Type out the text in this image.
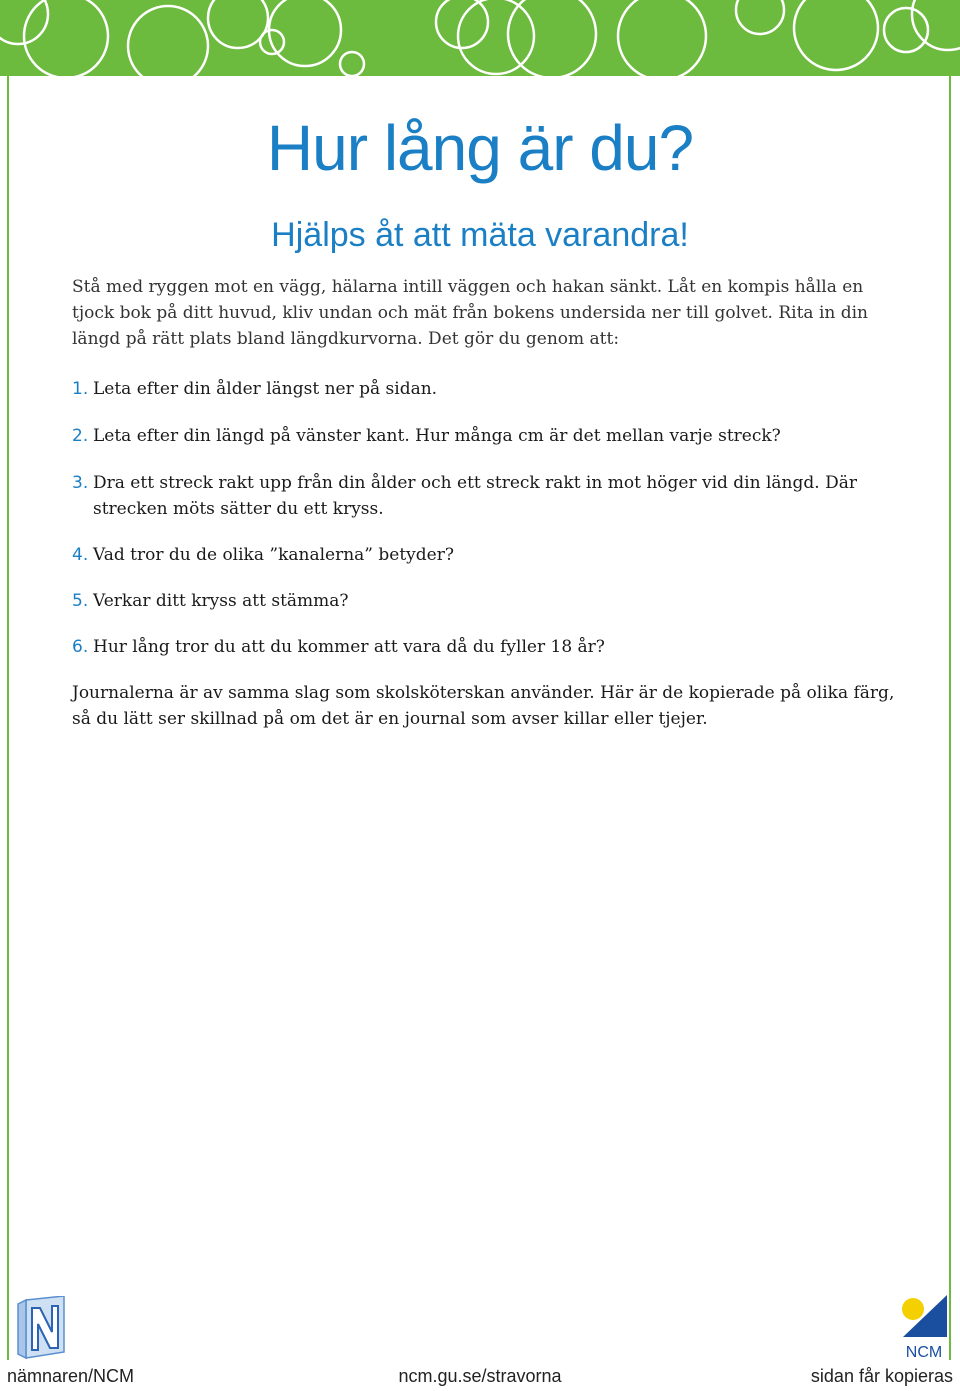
Hur lång är du?
Hjälps åt att mäta varandra!

Stå med ryggen mot en vägg, hälarna intill väggen och hakan sänkt. Låt en kompis hålla en tjock bok på ditt huvud, kliv undan och mät från bokens undersida ner till golvet. Rita in din längd på rätt plats bland längdkurvorna. Det gör du genom att:

1. Leta efter din ålder längst ner på sidan.
2. Leta efter din längd på vänster kant. Hur många cm är det mellan varje streck?
3. Dra ett streck rakt upp från din ålder och ett streck rakt in mot höger vid din längd. Där strecken möts sätter du ett kryss.
4. Vad tror du de olika ”kanalerna” betyder?
5. Verkar ditt kryss att stämma?
6. Hur lång tror du att du kommer att vara då du fyller 18 år?

Journalerna är av samma slag som skolsköterskan använder. Här är de kopierade på olika färg, så du lätt ser skillnad på om det är en journal som avser killar eller tjejer.

NCM
nämnaren/NCM	ncm.gu.se/stravorna	sidan får kopieras
